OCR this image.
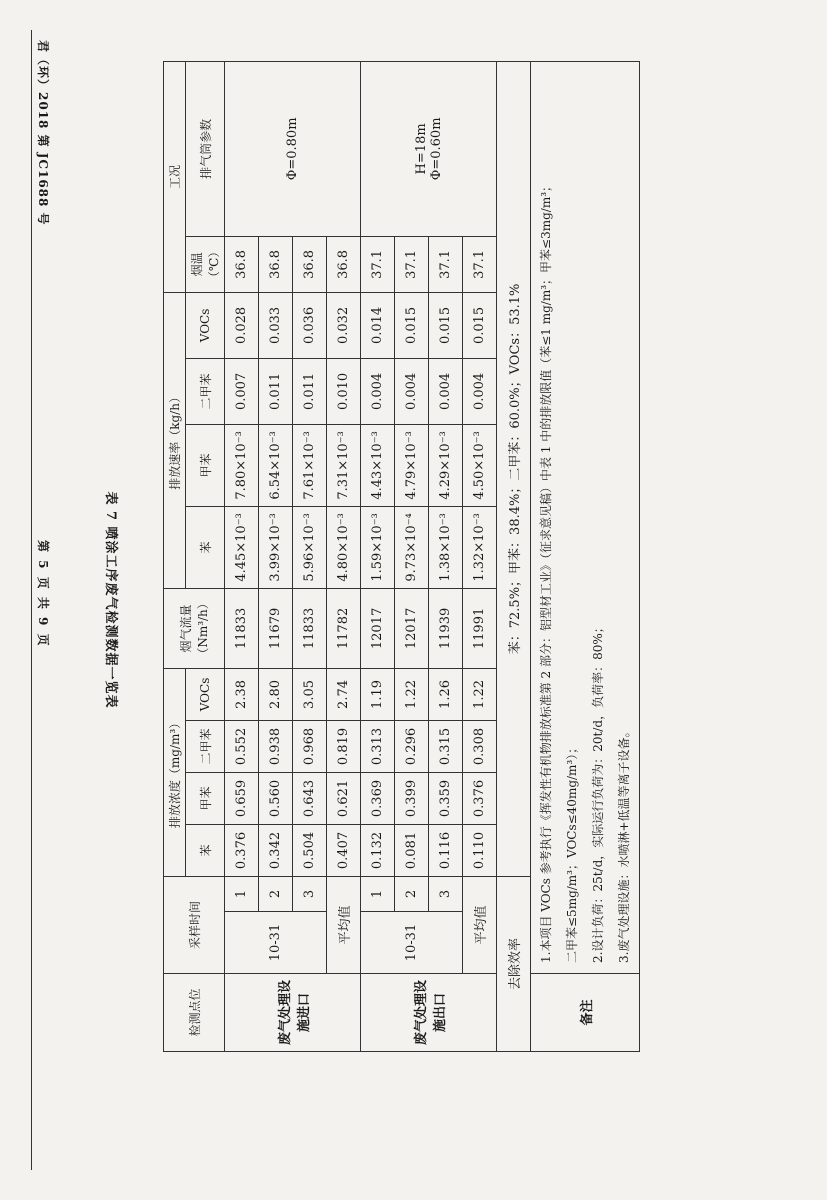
君（环）2018 第 JC1688 号
第 5 页 共 9 页	表 7 喷涂工序废气检测数据一览表
检测点位	采样时间		排放浓度（mg/m³）				烟气流量（Nm³/h）	排放速率（kg/h）				工况	
			苯	甲苯	二甲苯	VOCs		苯	甲苯	二甲苯	VOCs	烟温（℃）	排气筒参数
废气处理设施进口	10-31	1	0.376	0.659	0.552	2.38	11833	4.45×10⁻³	7.80×10⁻³	0.007	0.028	36.8	Φ=0.80m

		2	0.342	0.560	0.938	2.80	11679	3.99×10⁻³	6.54×10⁻³	0.011	0.033	36.8	
		3	0.504	0.643	0.968	3.05	11833	5.96×10⁻³	7.61×10⁻³	0.011	0.036	36.8	
	平均值		0.407	0.621	0.819	2.74	11782	4.80×10⁻³	7.31×10⁻³	0.010	0.032	36.8	
废气处理设施出口	10-31	1	0.132	0.369	0.313	1.19	12017	1.59×10⁻³	4.43×10⁻³	0.004	0.014	37.1	H=18m Φ=0.60m

		2	0.081	0.399	0.296	1.22	12017	9.73×10⁻⁴	4.79×10⁻³	0.004	0.015	37.1	
		3	0.116	0.359	0.315	1.26	11939	1.38×10⁻³	4.29×10⁻³	0.004	0.015	37.1	
	平均值		0.110	0.376	0.308	1.22	11991	1.32×10⁻³	4.50×10⁻³	0.004	0.015	37.1	
去除效率			苯：72.5%；甲苯：38.4%；二甲苯：60.0%；VOCs：53.1%										
备注	1.本项目 VOCs 参考执行《挥发性有机物排放标准第 2 部分：铝型材工业》（征求意见稿）中表 1 中的排放限值（苯≤1 mg/m³；甲苯≤3mg/m³； 二甲苯≤5mg/m³；VOCs≤40mg/m³）； 2.设计负荷：25t/d，实际运行负荷为：20t/d，负荷率：80%； 3.废气处理设施：水喷淋+低温等离子设备。												
